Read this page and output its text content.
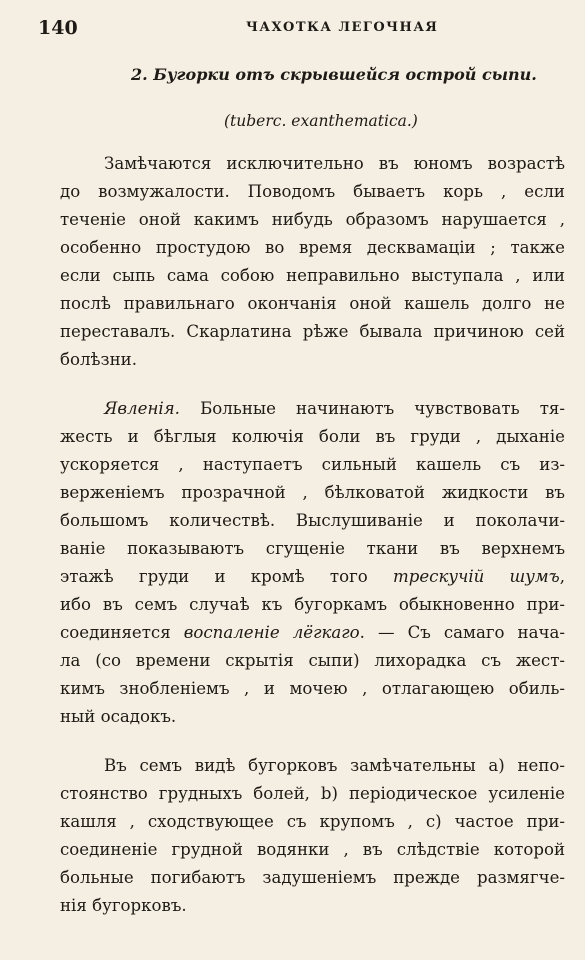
140	ЧАХОТКА ЛЕГОЧНАЯ
2. Бугорки отъ скрывшейся острой сыпи.
(tuberc. exanthematica.)
Замѣчаются исключительно въ юномъ возрастѣ
до возмужалости. Поводомъ бываетъ корь , если
теченіе оной какимъ нибудь образомъ нарушается ,
особенно простудою во время десквамаціи ; также
если сыпь сама собою неправильно выступала , или
послѣ правильнаго окончанія оной кашель долго не
переставалъ. Скарлатина рѣже бывала причиною сей
болѣзни.
Явленія. Больные начинаютъ чувствовать тя-
жесть и бѣглыя колючія боли въ груди , дыханіе
ускоряется , наступаетъ сильный кашель съ из-
верженіемъ прозрачной , бѣлковатой жидкости въ
большомъ количествѣ. Выслушиваніе и поколачи-
ваніе показываютъ сгущеніе ткани въ верхнемъ
этажѣ груди и кромѣ того трескучій шумъ,
ибо въ семъ случаѣ къ бугоркамъ обыкновенно при-
соединяется воспаленіе лёгкаго. — Съ самаго нача-
ла (со времени скрытія сыпи) лихорадка съ жест-
кимъ знобленіемъ , и мочею , отлагающею обиль-
ный осадокъ.
Въ семъ видѣ бугорковъ замѣчательны а) непо-
стоянство грудныхъ болей, b) періодическое усиленіе
кашля , сходствующее съ крупомъ , с) частое при-
соединеніе грудной водянки , въ слѣдствіе которой
больные погибаютъ задушеніемъ прежде размягче-
нія бугорковъ.
